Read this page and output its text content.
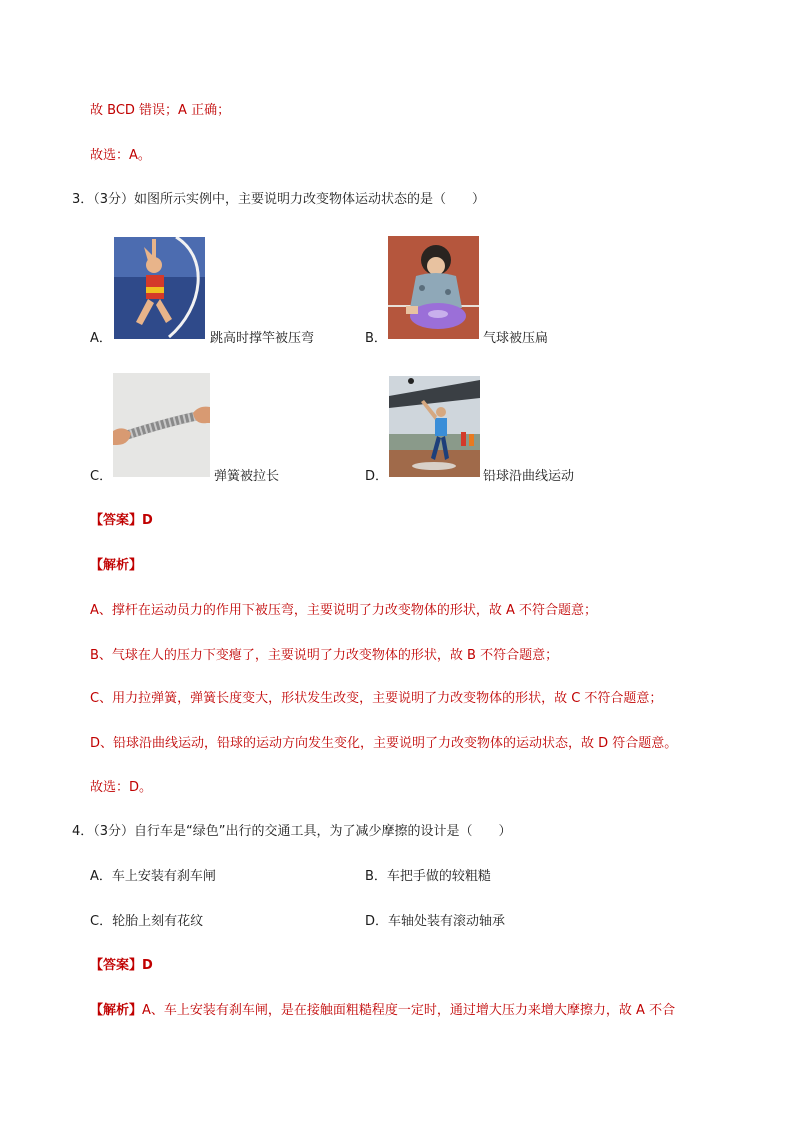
故 BCD 错误；A 正确；
故选：A。
3．（3分）如图所示实例中，主要说明力改变物体运动状态的是（　　）
A．	跳高时撑竿被压弯	B．	气球被压扁
C．	弹簧被拉长	D．	铅球沿曲线运动
【答案】D
【解析】
A、撑杆在运动员力的作用下被压弯，主要说明了力改变物体的形状，故 A 不符合题意；
B、气球在人的压力下变瘪了，主要说明了力改变物体的形状，故 B 不符合题意；
C、用力拉弹簧，弹簧长度变大，形状发生改变，主要说明了力改变物体的形状，故 C 不符合题意；
D、铅球沿曲线运动，铅球的运动方向发生变化，主要说明了力改变物体的运动状态，故 D 符合题意。
故选：D。
4．（3分）自行车是“绿色”出行的交通工具，为了减少摩擦的设计是（　　）
A．车上安装有刹车闸	B．车把手做的较粗糙
C．轮胎上刻有花纹	D．车轴处装有滚动轴承
【答案】D
【解析】A、车上安装有刹车闸，是在接触面粗糙程度一定时，通过增大压力来增大摩擦力，故 A 不合
